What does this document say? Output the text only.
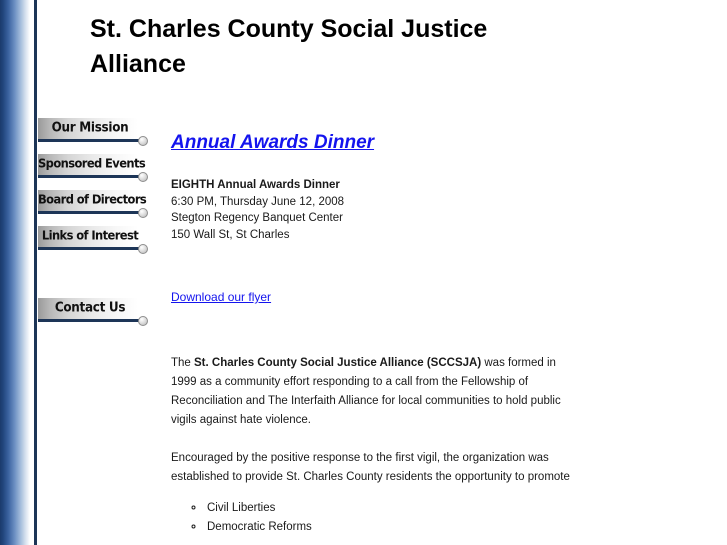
St. Charles County Social Justice Alliance
Our Mission
Sponsored Events
Board of Directors
Links of Interest
Contact Us
Annual Awards Dinner
EIGHTH Annual Awards Dinner
6:30 PM, Thursday June 12, 2008
Stegton Regency Banquet Center
150 Wall St, St Charles
Download our flyer

The St. Charles County Social Justice Alliance (SCCSJA) was formed in 1999 as a community effort responding to a call from the Fellowship of Reconciliation and The Interfaith Alliance for local communities to hold public vigils against hate violence.

Encouraged by the positive response to the first vigil, the organization was established to provide St. Charles County residents the opportunity to promote

◦ Civil Liberties
◦ Democratic Reforms
